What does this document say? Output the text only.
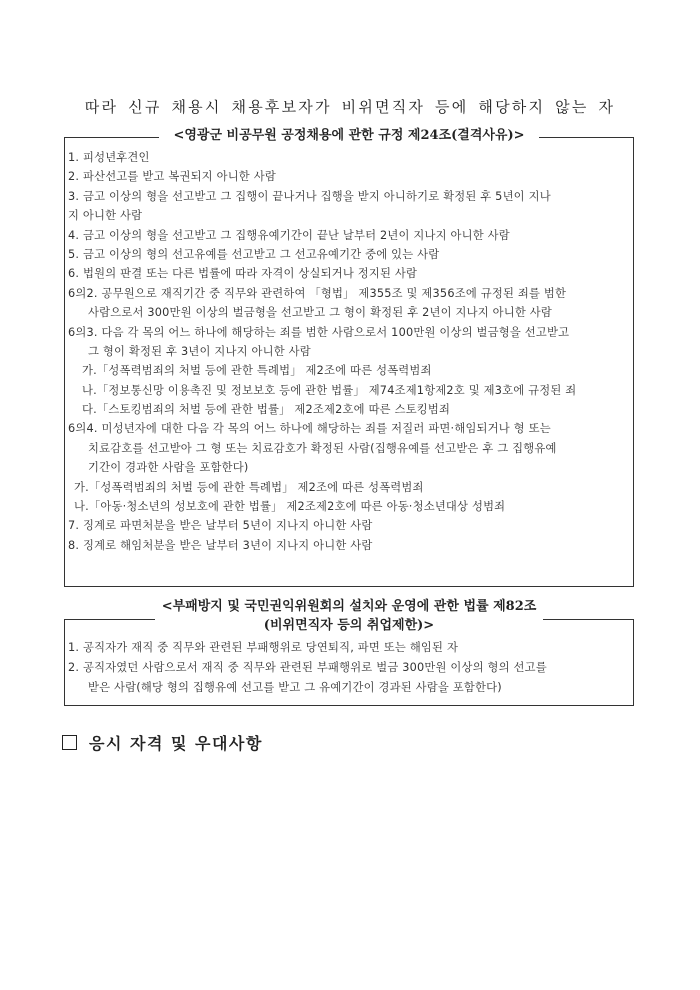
따라 신규 채용시 채용후보자가 비위면직자 등에 해당하지 않는 자
<영광군 비공무원 공정채용에 관한 규정 제24조(결격사유)>
1. 피성년후견인
2. 파산선고를 받고 복권되지 아니한 사람
3. 금고 이상의 형을 선고받고 그 집행이 끝나거나 집행을 받지 아니하기로 확정된 후 5년이 지나
지 아니한 사람
4. 금고 이상의 형을 선고받고 그 집행유예기간이 끝난 날부터 2년이 지나지 아니한 사람
5. 금고 이상의 형의 선고유예를 선고받고 그 선고유예기간 중에 있는 사람
6. 법원의 판결 또는 다른 법률에 따라 자격이 상실되거나 정지된 사람
6의2. 공무원으로 재직기간 중 직무와 관련하여 「형법」 제355조 및 제356조에 규정된 죄를 범한
사람으로서 300만원 이상의 벌금형을 선고받고 그 형이 확정된 후 2년이 지나지 아니한 사람
6의3. 다음 각 목의 어느 하나에 해당하는 죄를 범한 사람으로서 100만원 이상의 벌금형을 선고받고
그 형이 확정된 후 3년이 지나지 아니한 사람
가.「성폭력범죄의 처벌 등에 관한 특례법」 제2조에 따른 성폭력범죄
나.「정보통신망 이용촉진 및 정보보호 등에 관한 법률」 제74조제1항제2호 및 제3호에 규정된 죄
다.「스토킹범죄의 처벌 등에 관한 법률」 제2조제2호에 따른 스토킹범죄
6의4. 미성년자에 대한 다음 각 목의 어느 하나에 해당하는 죄를 저질러 파면·해임되거나 형 또는
치료감호를 선고받아 그 형 또는 치료감호가 확정된 사람(집행유예를 선고받은 후 그 집행유예
기간이 경과한 사람을 포함한다)
가.「성폭력범죄의 처벌 등에 관한 특례법」 제2조에 따른 성폭력범죄
나.「아동·청소년의 성보호에 관한 법률」 제2조제2호에 따른 아동·청소년대상 성범죄
7. 징계로 파면처분을 받은 날부터 5년이 지나지 아니한 사람
8. 징계로 해임처분을 받은 날부터 3년이 지나지 아니한 사람
<부패방지 및 국민권익위원회의 설치와 운영에 관한 법률 제82조
(비위면직자 등의 취업제한)>
1. 공직자가 재직 중 직무와 관련된 부패행위로 당연퇴직, 파면 또는 해임된 자
2. 공직자였던 사람으로서 재직 중 직무와 관련된 부패행위로 벌금 300만원 이상의 형의 선고를
받은 사람(해당 형의 집행유예 선고를 받고 그 유예기간이 경과된 사람을 포함한다)
응시 자격 및 우대사항
